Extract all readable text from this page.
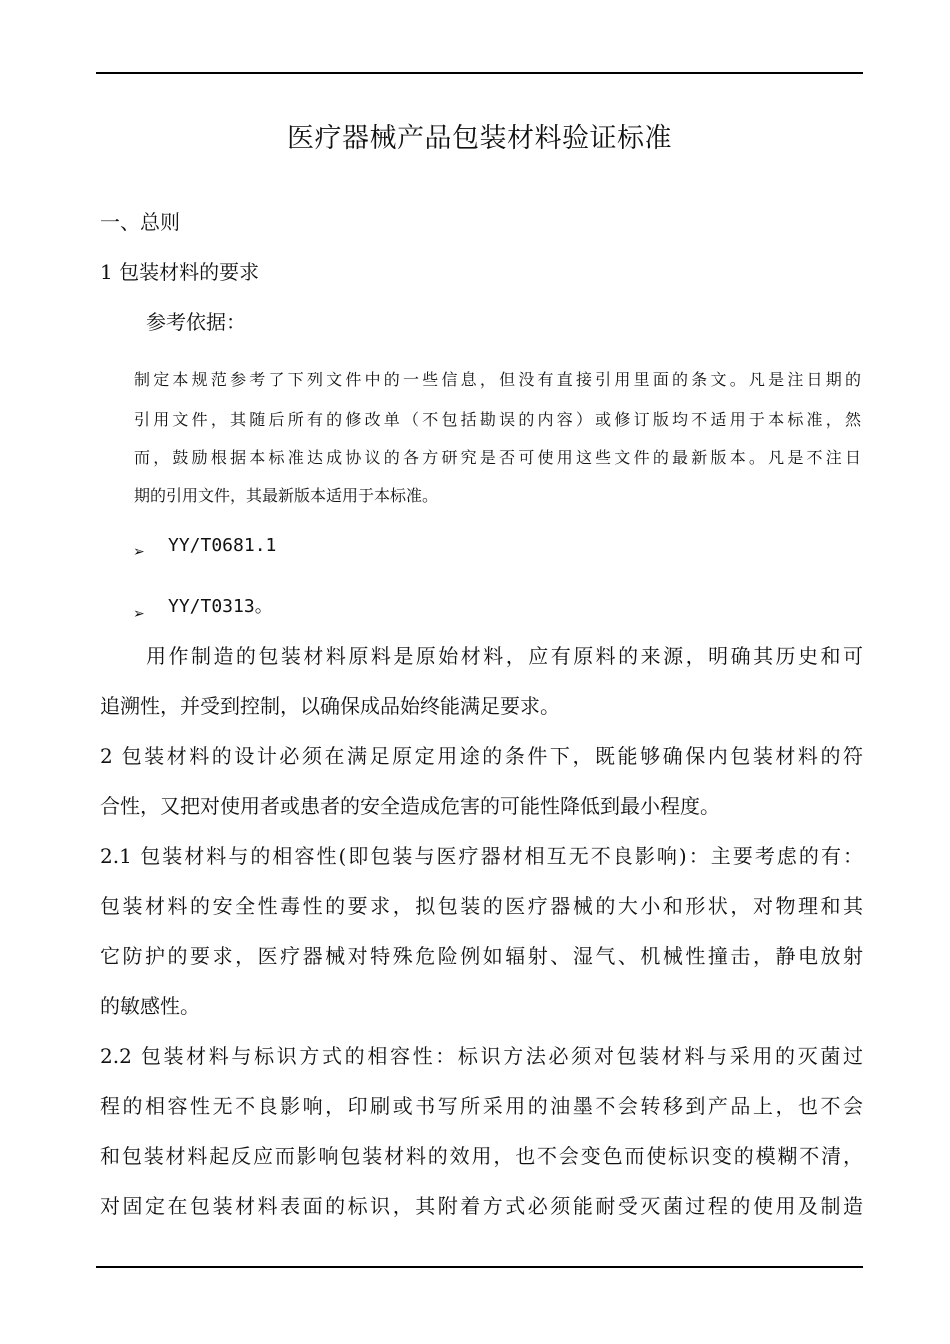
医疗器械产品包装材料验证标准
一、总则
1 包装材料的要求
参考依据：
制定本规范参考了下列文件中的一些信息，但没有直接引用里面的条文。凡是注日期的
引用文件，其随后所有的修改单（不包括勘误的内容）或修订版均不适用于本标准，然
而，鼓励根据本标准达成协议的各方研究是否可使用这些文件的最新版本。凡是不注日
期的引用文件，其最新版本适用于本标准。
➢ YY/T0681.1
➢ YY/T0313。
用作制造的包装材料原料是原始材料，应有原料的来源，明确其历史和可
追溯性，并受到控制，以确保成品始终能满足要求。
2 包装材料的设计必须在满足原定用途的条件下，既能够确保内包装材料的符
合性，又把对使用者或患者的安全造成危害的可能性降低到最小程度。
2.1 包装材料与的相容性(即包装与医疗器材相互无不良影响)：主要考虑的有：
包装材料的安全性毒性的要求，拟包装的医疗器械的大小和形状，对物理和其
它防护的要求，医疗器械对特殊危险例如辐射、湿气、机械性撞击，静电放射
的敏感性。
2.2 包装材料与标识方式的相容性：标识方法必须对包装材料与采用的灭菌过
程的相容性无不良影响，印刷或书写所采用的油墨不会转移到产品上，也不会
和包装材料起反应而影响包装材料的效用，也不会变色而使标识变的模糊不清，
对固定在包装材料表面的标识，其附着方式必须能耐受灭菌过程的使用及制造
